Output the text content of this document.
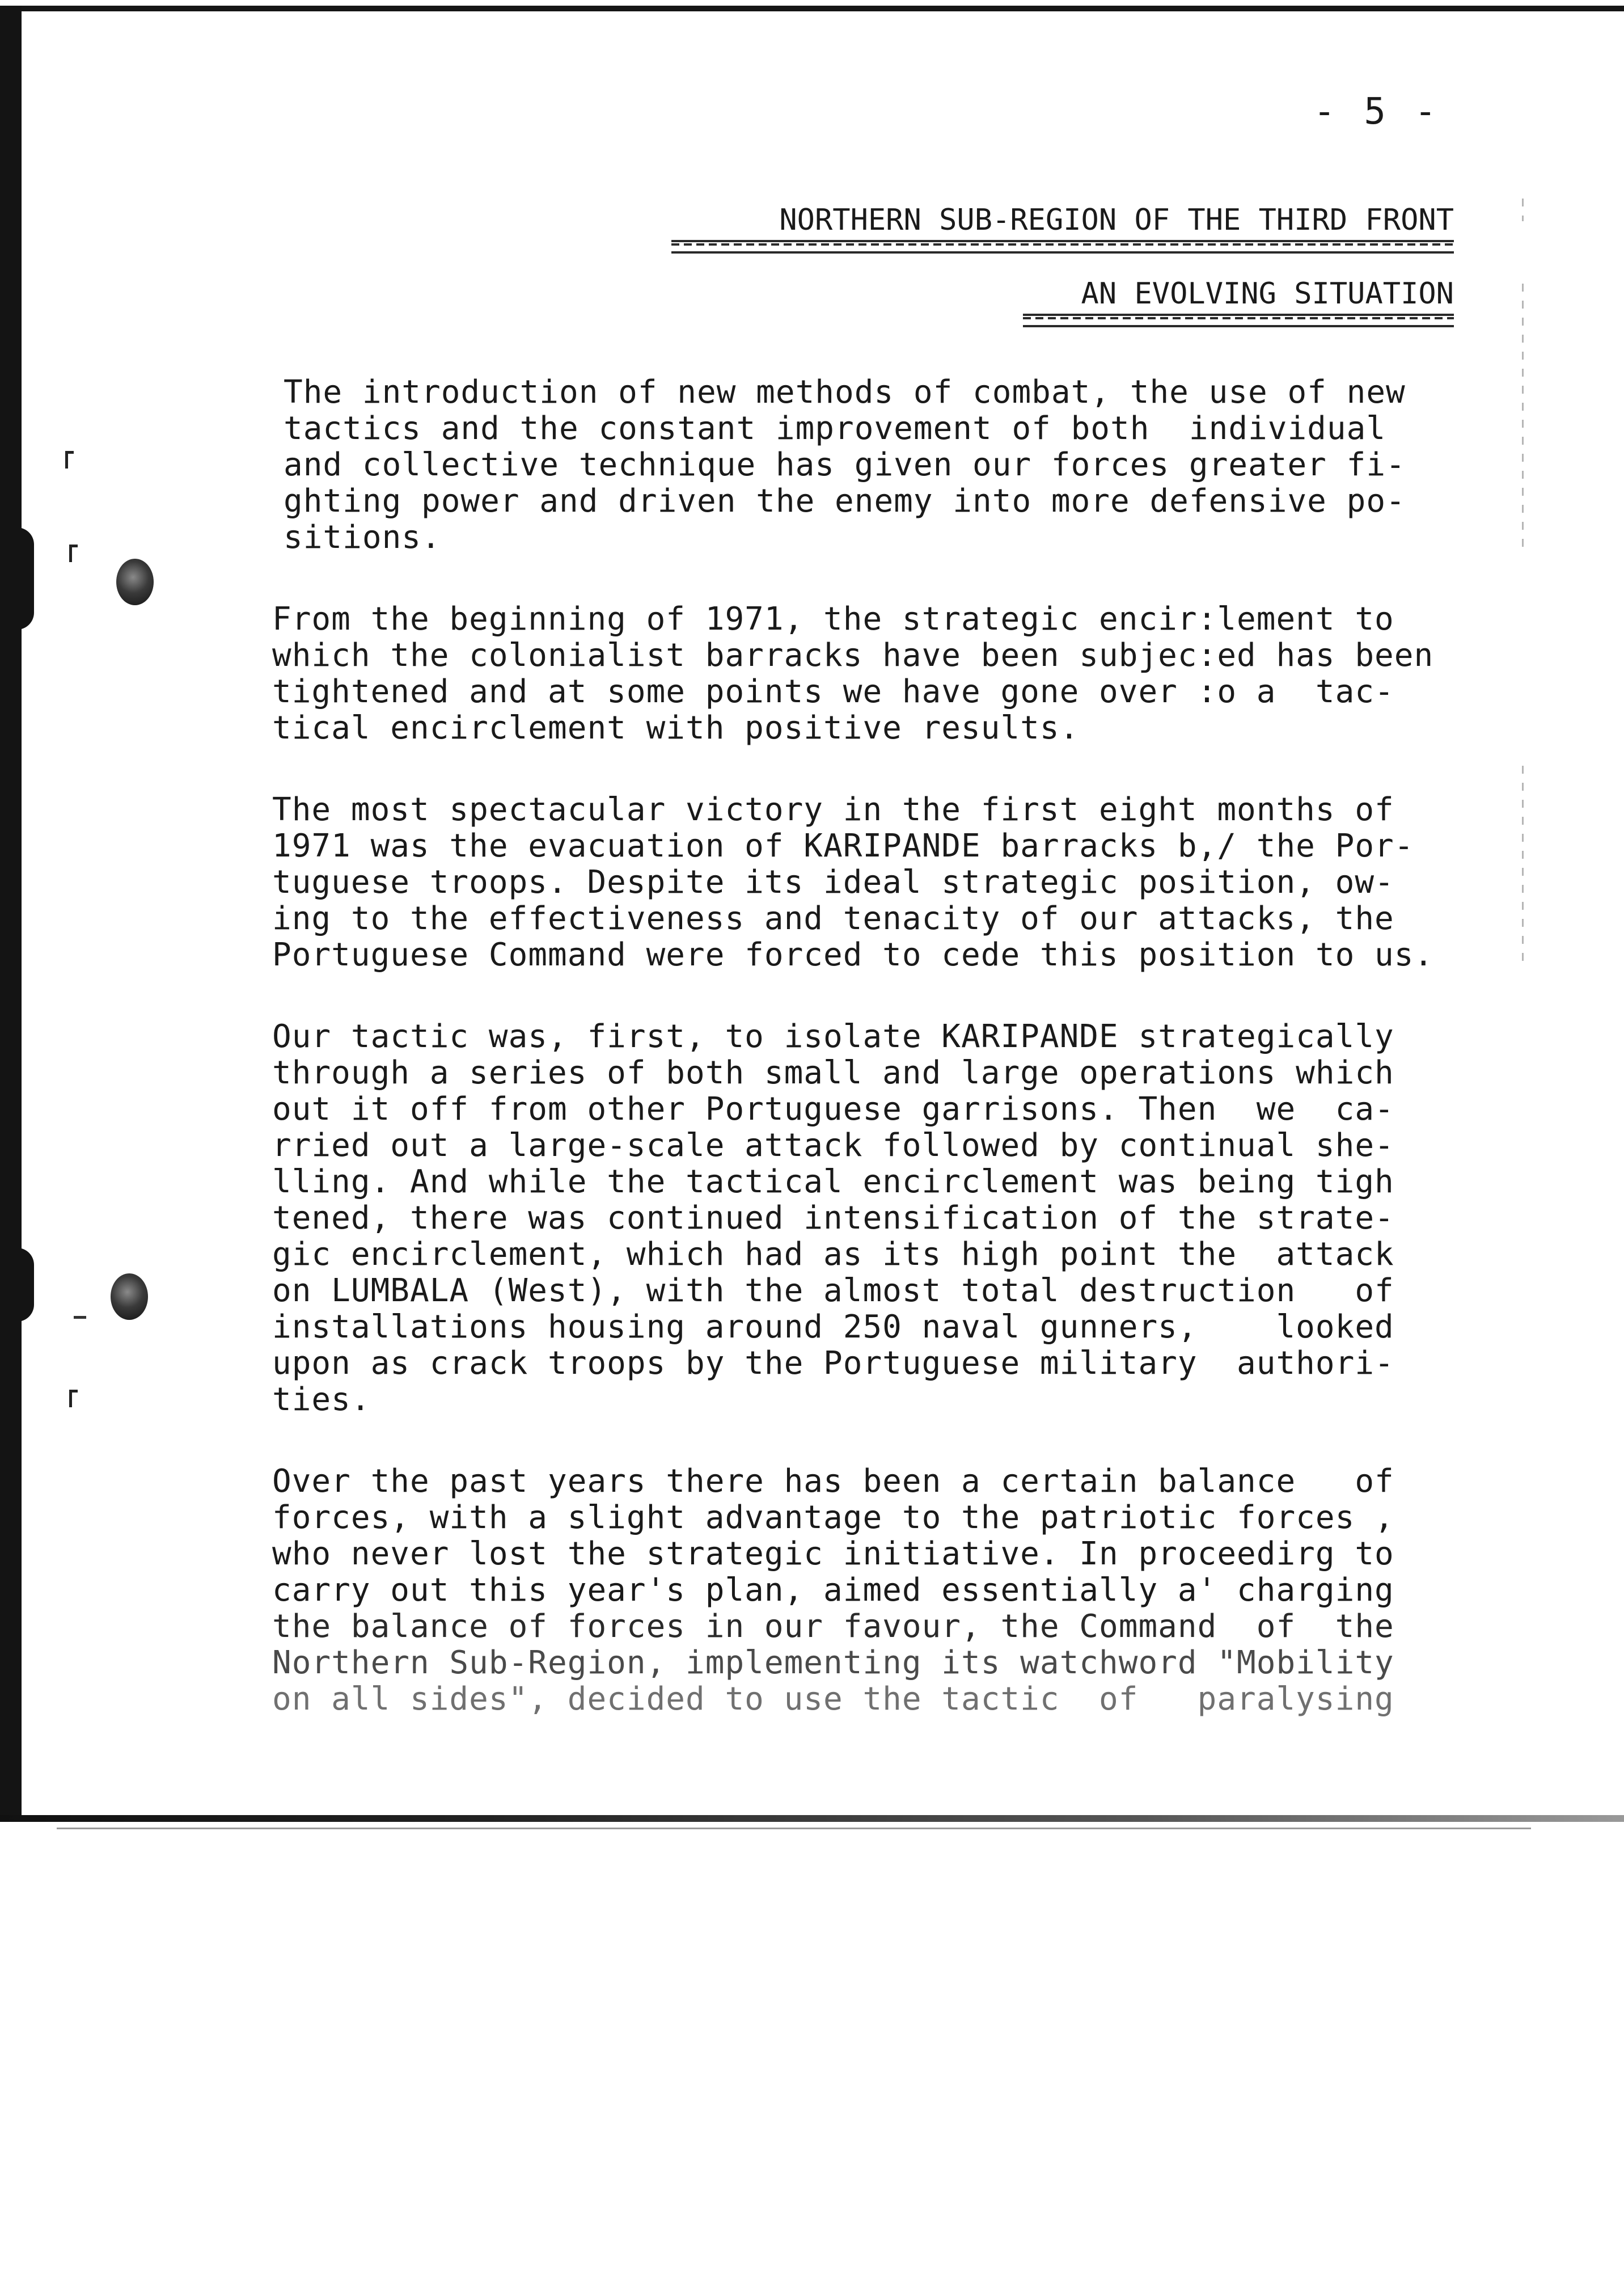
- 5 -
NORTHERN SUB-REGION OF THE THIRD FRONT
AN EVOLVING SITUATION
The introduction of new methods of combat, the use of new
tactics and the constant improvement of both  individual
and collective technique has given our forces greater fi-
ghting power and driven the enemy into more defensive po-
sitions.
From the beginning of 1971, the strategic encir:lement to
which the colonialist barracks have been subjec:ed has been
tightened and at some points we have gone over :o a  tac-
tical encirclement with positive results.
The most spectacular victory in the first eight months of
1971 was the evacuation of KARIPANDE barracks b,/ the Por-
tuguese troops. Despite its ideal strategic position, ow-
ing to the effectiveness and tenacity of our attacks, the
Portuguese Command were forced to cede this position to us.
Our tactic was, first, to isolate KARIPANDE strategically
through a series of both small and large operations which
out it off from other Portuguese garrisons. Then  we  ca-
rried out a large-scale attack followed by continual she-
lling. And while the tactical encirclement was being tigh
tened, there was continued intensification of the strate-
gic encirclement, which had as its high point the  attack
on LUMBALA (West), with the almost total destruction   of
installations housing around 250 naval gunners,    looked
upon as crack troops by the Portuguese military  authori-
ties.
Over the past years there has been a certain balance   of
forces, with a slight advantage to the patriotic forces ,
who never lost the strategic initiative. In proceedirg to
carry out this year's plan, aimed essentially a' charging
the balance of forces in our favour, the Command  of  the
Northern Sub-Region, implementing its watchword "Mobility
on all sides", decided to use the tactic  of   paralysing
